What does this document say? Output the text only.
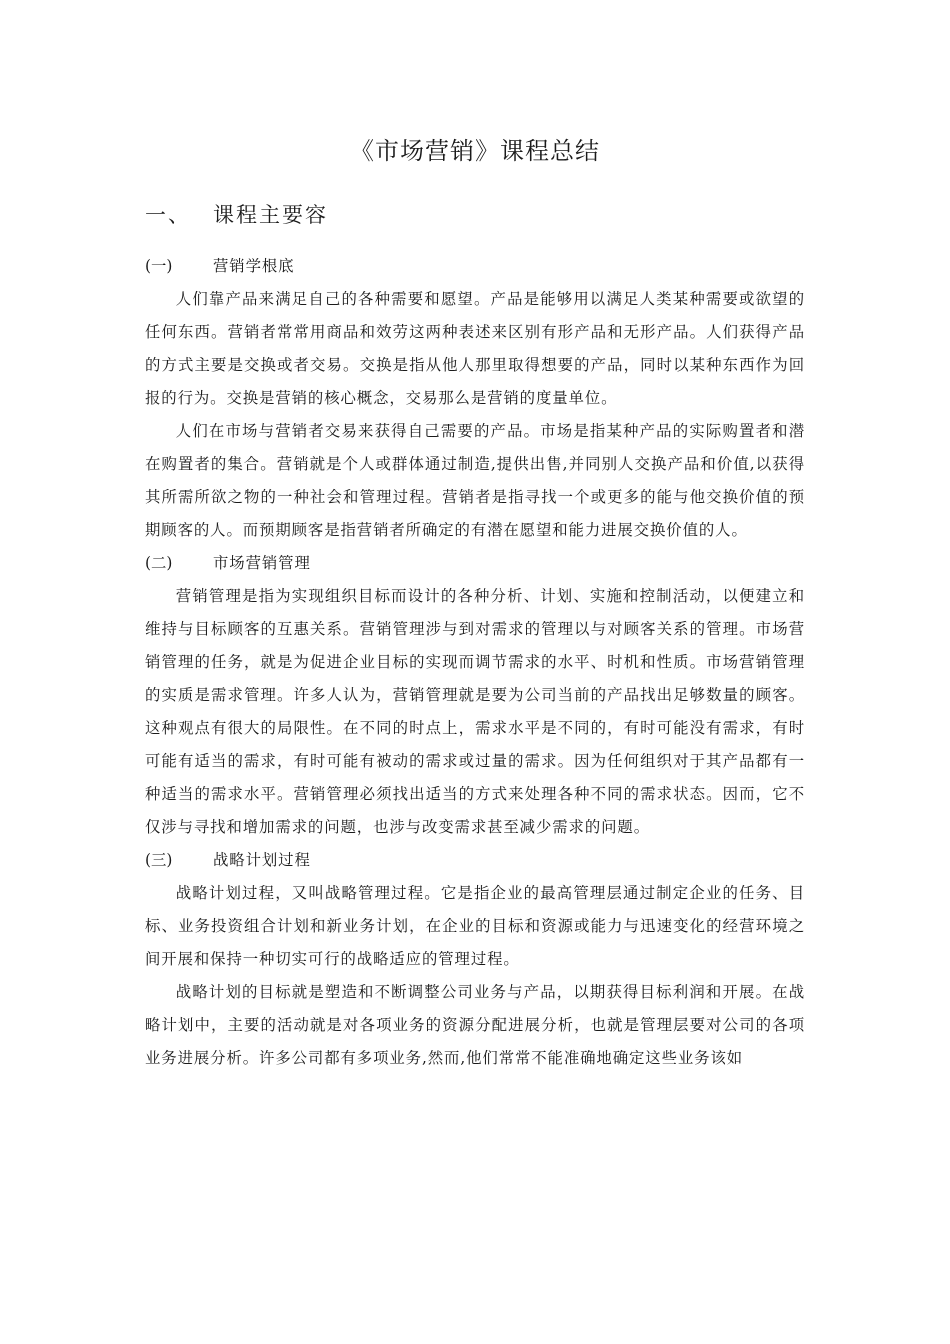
《市场营销》课程总结
一、 课程主要容
(一)	营销学根底

人们靠产品来满足自己的各种需要和愿望。产品是能够用以满足人类某种需要或欲望的任何东西。营销者常常用商品和效劳这两种表述来区别有形产品和无形产品。人们获得产品的方式主要是交换或者交易。交换是指从他人那里取得想要的产品，同时以某种东西作为回报的行为。交换是营销的核心概念，交易那么是营销的度量单位。

人们在市场与营销者交易来获得自己需要的产品。市场是指某种产品的实际购置者和潜在购置者的集合。营销就是个人或群体通过制造,提供出售,并同别人交换产品和价值,以获得其所需所欲之物的一种社会和管理过程。营销者是指寻找一个或更多的能与他交换价值的预期顾客的人。而预期顾客是指营销者所确定的有潜在愿望和能力进展交换价值的人。

(二)	市场营销管理

营销管理是指为实现组织目标而设计的各种分析、计划、实施和控制活动，以便建立和维持与目标顾客的互惠关系。营销管理涉与到对需求的管理以与对顾客关系的管理。市场营销管理的任务，就是为促进企业目标的实现而调节需求的水平、时机和性质。市场营销管理的实质是需求管理。许多人认为，营销管理就是要为公司当前的产品找出足够数量的顾客。这种观点有很大的局限性。在不同的时点上，需求水平是不同的，有时可能没有需求，有时可能有适当的需求，有时可能有被动的需求或过量的需求。因为任何组织对于其产品都有一种适当的需求水平。营销管理必须找出适当的方式来处理各种不同的需求状态。因而，它不仅涉与寻找和增加需求的问题，也涉与改变需求甚至减少需求的问题。

(三)	战略计划过程

战略计划过程，又叫战略管理过程。它是指企业的最高管理层通过制定企业的任务、目标、业务投资组合计划和新业务计划，在企业的目标和资源或能力与迅速变化的经营环境之间开展和保持一种切实可行的战略适应的管理过程。

战略计划的目标就是塑造和不断调整公司业务与产品，以期获得目标利润和开展。在战略计划中，主要的活动就是对各项业务的资源分配进展分析，也就是管理层要对公司的各项业务进展分析。许多公司都有多项业务,然而,他们常常不能准确地确定这些业务该如
